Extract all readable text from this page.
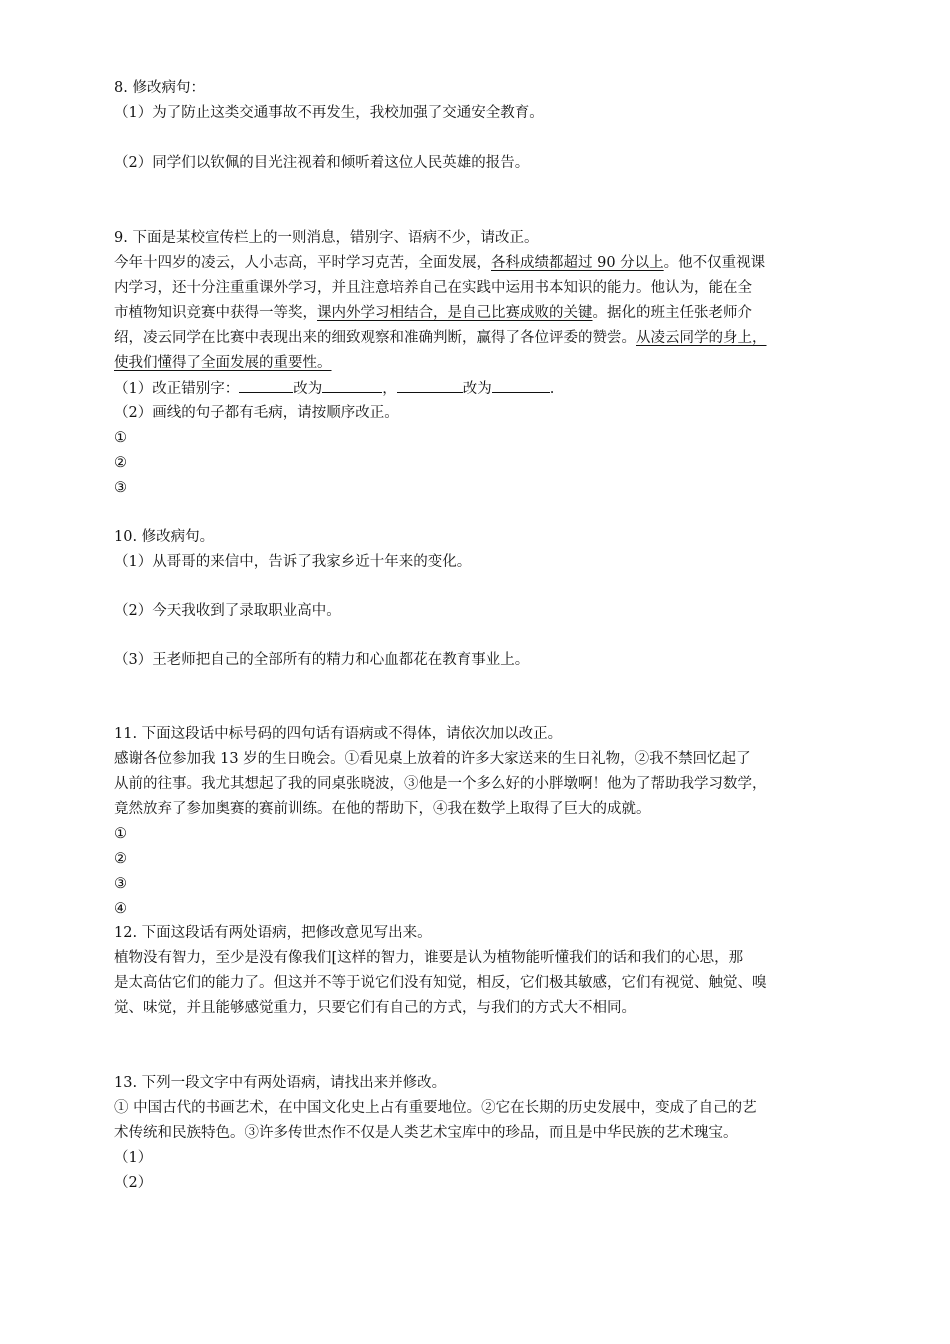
8. 修改病句：
（1）为了防止这类交通事故不再发生，我校加强了交通安全教育。
（2）同学们以钦佩的目光注视着和倾听着这位人民英雄的报告。
9. 下面是某校宣传栏上的一则消息，错别字、语病不少，请改正。
今年十四岁的凌云，人小志高，平时学习克苦，全面发展，各科成绩都超过 90 分以上。他不仅重视课
内学习，还十分注重重课外学习，并且注意培养自己在实践中运用书本知识的能力。他认为，能在全
市植物知识竞赛中获得一等奖，课内外学习相结合，是自己比赛成败的关键。据化的班主任张老师介
绍，凌云同学在比赛中表现出来的细致观察和准确判断，赢得了各位评委的赞尝。从凌云同学的身上，
使我们懂得了全面发展的重要性。
（1）改正错别字：	改为	，	改为	.
（2）画线的句子都有毛病，请按顺序改正。
①
②
③
10. 修改病句。
（1）从哥哥的来信中，告诉了我家乡近十年来的变化。
（2）今天我收到了录取职业高中。
（3）王老师把自己的全部所有的精力和心血都花在教育事业上。
11. 下面这段话中标号码的四句话有语病或不得体，请依次加以改正。
感谢各位参加我 13 岁的生日晚会。①看见桌上放着的许多大家送来的生日礼物，②我不禁回忆起了
从前的往事。我尤其想起了我的同桌张晓波，③他是一个多么好的小胖墩啊！他为了帮助我学习数学，
竟然放弃了参加奥赛的赛前训练。在他的帮助下，④我在数学上取得了巨大的成就。
①
②
③
④
12. 下面这段话有两处语病，把修改意见写出来。
植物没有智力，至少是没有像我们[这样的智力，谁要是认为植物能听懂我们的话和我们的心思，那
是太高估它们的能力了。但这并不等于说它们没有知觉，相反，它们极其敏感，它们有视觉、触觉、嗅
觉、味觉，并且能够感觉重力，只要它们有自己的方式，与我们的方式大不相同。
13. 下列一段文字中有两处语病，请找出来并修改。
① 中国古代的书画艺术，在中国文化史上占有重要地位。②它在长期的历史发展中，变成了自己的艺
术传统和民族特色。③许多传世杰作不仅是人类艺术宝库中的珍品，而且是中华民族的艺术瑰宝。
（1）
（2）
